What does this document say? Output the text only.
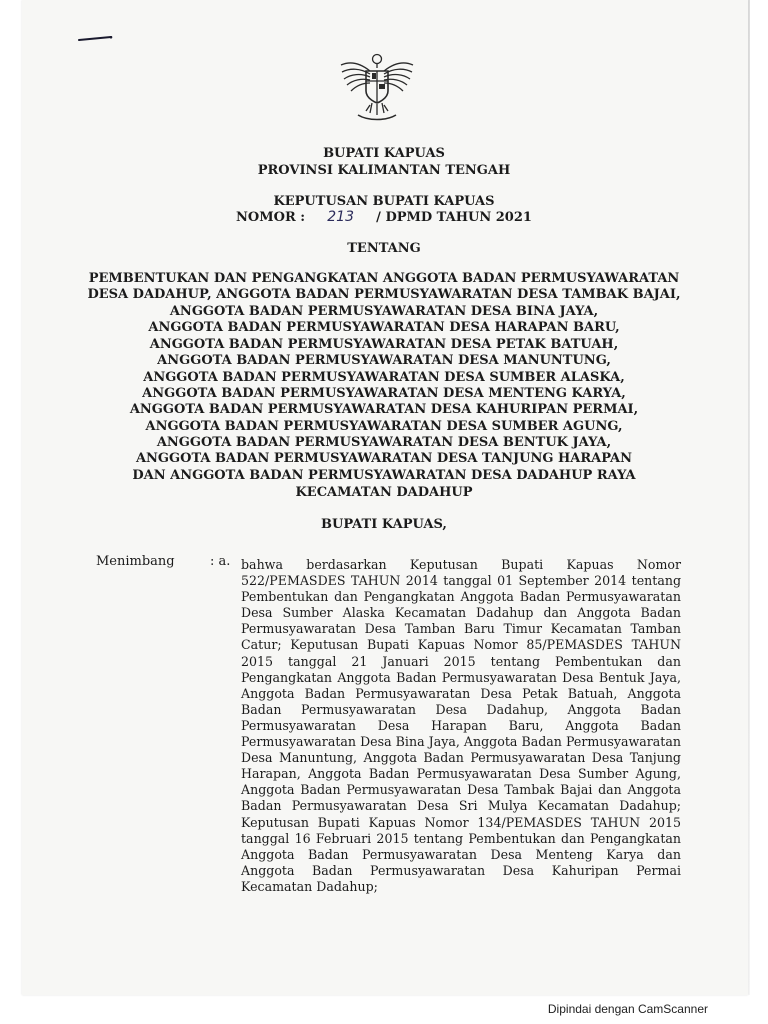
BUPATI KAPUAS
PROVINSI KALIMANTAN TENGAH
KEPUTUSAN BUPATI KAPUAS
NOMOR : 213 / DPMD TAHUN 2021
TENTANG
PEMBENTUKAN DAN PENGANGKATAN ANGGOTA BADAN PERMUSYAWARATAN
DESA DADAHUP, ANGGOTA BADAN PERMUSYAWARATAN DESA TAMBAK BAJAI,
ANGGOTA BADAN PERMUSYAWARATAN DESA BINA JAYA,
ANGGOTA BADAN PERMUSYAWARATAN DESA HARAPAN BARU,
ANGGOTA BADAN PERMUSYAWARATAN DESA PETAK BATUAH,
ANGGOTA BADAN PERMUSYAWARATAN DESA MANUNTUNG,
ANGGOTA BADAN PERMUSYAWARATAN DESA SUMBER ALASKA,
ANGGOTA BADAN PERMUSYAWARATAN DESA MENTENG KARYA,
ANGGOTA BADAN PERMUSYAWARATAN DESA KAHURIPAN PERMAI,
ANGGOTA BADAN PERMUSYAWARATAN DESA SUMBER AGUNG,
ANGGOTA BADAN PERMUSYAWARATAN DESA BENTUK JAYA,
ANGGOTA BADAN PERMUSYAWARATAN DESA TANJUNG HARAPAN
DAN ANGGOTA BADAN PERMUSYAWARATAN DESA DADAHUP RAYA
KECAMATAN DADAHUP
BUPATI KAPUAS,
Menimbang	: a. bahwa berdasarkan Keputusan Bupati Kapuas Nomor 522/PEMASDES TAHUN 2014 tanggal 01 September 2014 tentang Pembentukan dan Pengangkatan Anggota Badan Permusyawaratan Desa Sumber Alaska Kecamatan Dadahup dan Anggota Badan Permusyawaratan Desa Tamban Baru Timur Kecamatan Tamban Catur; Keputusan Bupati Kapuas Nomor 85/PEMASDES TAHUN 2015 tanggal 21 Januari 2015 tentang Pembentukan dan Pengangkatan Anggota Badan Permusyawaratan Desa Bentuk Jaya, Anggota Badan Permusyawaratan Desa Petak Batuah, Anggota Badan Permusyawaratan Desa Dadahup, Anggota Badan Permusyawaratan Desa Harapan Baru, Anggota Badan Permusyawaratan Desa Bina Jaya, Anggota Badan Permusyawaratan Desa Manuntung, Anggota Badan Permusyawaratan Desa Tanjung Harapan, Anggota Badan Permusyawaratan Desa Sumber Agung, Anggota Badan Permusyawaratan Desa Tambak Bajai dan Anggota Badan Permusyawaratan Desa Sri Mulya Kecamatan Dadahup; Keputusan Bupati Kapuas Nomor 134/PEMASDES TAHUN 2015 tanggal 16 Februari 2015 tentang Pembentukan dan Pengangkatan Anggota Badan Permusyawaratan Desa Menteng Karya dan Anggota Badan Permusyawaratan Desa Kahuripan Permai Kecamatan Dadahup;
Dipindai dengan CamScanner
